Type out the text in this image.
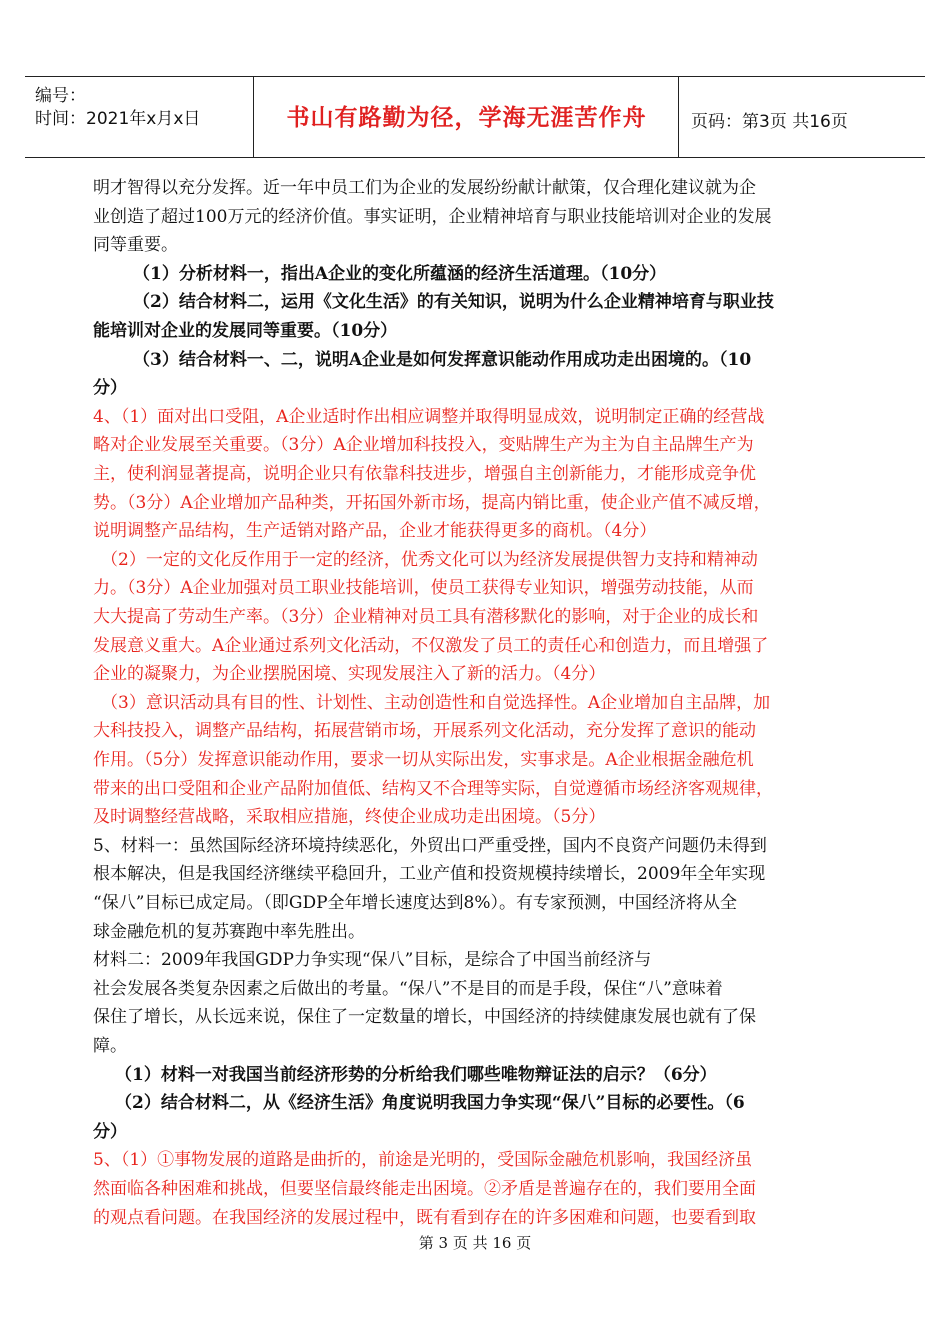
编号：
时间：2021年x月x日	书山有路勤为径，学海无涯苦作舟	页码：第3页 共16页
明才智得以充分发挥。近一年中员工们为企业的发展纷纷献计献策，仅合理化建议就为企
业创造了超过100万元的经济价值。事实证明，企业精神培育与职业技能培训对企业的发展
同等重要。
（1）分析材料一，指出A企业的变化所蕴涵的经济生活道理。（10分）
（2）结合材料二，运用《文化生活》的有关知识，说明为什么企业精神培育与职业技
能培训对企业的发展同等重要。（10分）
（3）结合材料一、二，说明A企业是如何发挥意识能动作用成功走出困境的。（10
分）
4、（1）面对出口受阻，A企业适时作出相应调整并取得明显成效，说明制定正确的经营战
略对企业发展至关重要。（3分）A企业增加科技投入，变贴牌生产为主为自主品牌生产为
主，使利润显著提高，说明企业只有依靠科技进步，增强自主创新能力，才能形成竞争优
势。（3分）A企业增加产品种类，开拓国外新市场，提高内销比重，使企业产值不减反增，
说明调整产品结构，生产适销对路产品，企业才能获得更多的商机。（4分）
（2）一定的文化反作用于一定的经济，优秀文化可以为经济发展提供智力支持和精神动
力。（3分）A企业加强对员工职业技能培训，使员工获得专业知识，增强劳动技能，从而
大大提高了劳动生产率。（3分）企业精神对员工具有潜移默化的影响，对于企业的成长和
发展意义重大。A企业通过系列文化活动，不仅激发了员工的责任心和创造力，而且增强了
企业的凝聚力，为企业摆脱困境、实现发展注入了新的活力。（4分）
（3）意识活动具有目的性、计划性、主动创造性和自觉选择性。A企业增加自主品牌，加
大科技投入，调整产品结构，拓展营销市场，开展系列文化活动，充分发挥了意识的能动
作用。（5分）发挥意识能动作用，要求一切从实际出发，实事求是。A企业根据金融危机
带来的出口受阻和企业产品附加值低、结构又不合理等实际，自觉遵循市场经济客观规律，
及时调整经营战略，采取相应措施，终使企业成功走出困境。（5分）
5、材料一：虽然国际经济环境持续恶化，外贸出口严重受挫，国内不良资产问题仍未得到
根本解决，但是我国经济继续平稳回升，工业产值和投资规模持续增长，2009年全年实现
“保八”目标已成定局。（即GDP全年增长速度达到8%）。有专家预测，中国经济将从全
球金融危机的复苏赛跑中率先胜出。
材料二：2009年我国GDP力争实现“保八”目标，是综合了中国当前经济与
社会发展各类复杂因素之后做出的考量。“保八”不是目的而是手段，保住“八”意味着
保住了增长，从长远来说，保住了一定数量的增长，中国经济的持续健康发展也就有了保
障。
（1）材料一对我国当前经济形势的分析给我们哪些唯物辩证法的启示？（6分）
（2）结合材料二，从《经济生活》角度说明我国力争实现“保八”目标的必要性。（6
分）
5、（1）①事物发展的道路是曲折的，前途是光明的，受国际金融危机影响，我国经济虽
然面临各种困难和挑战，但要坚信最终能走出困境。②矛盾是普遍存在的，我们要用全面
的观点看问题。在我国经济的发展过程中，既有看到存在的许多困难和问题，也要看到取
第 3 页 共 16 页
